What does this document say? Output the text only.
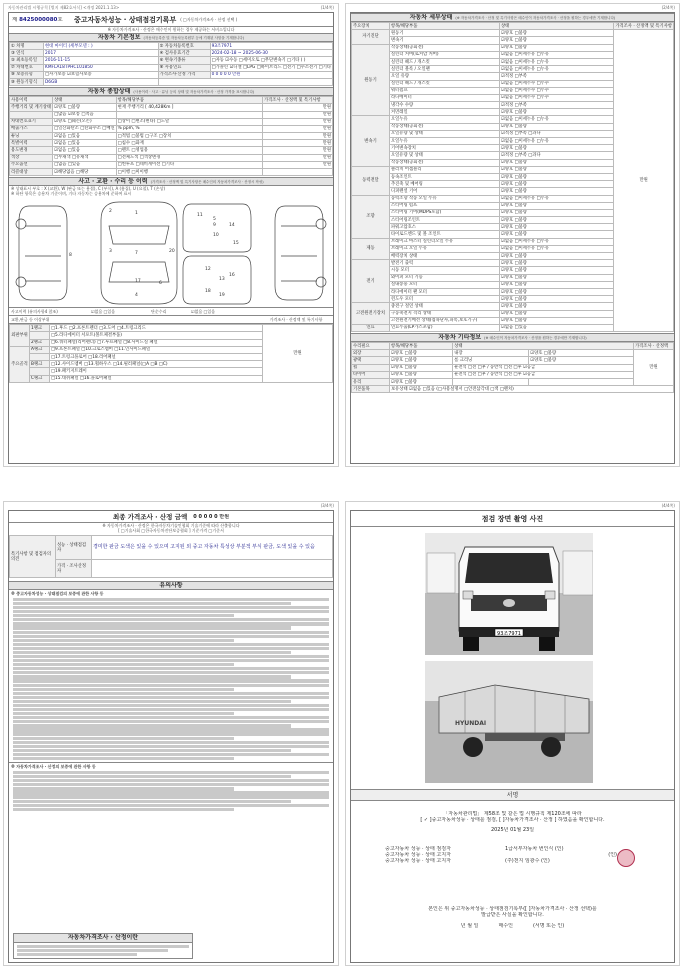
자동차관리법 시행규칙 [별지 제82호서식] <개정 2021.1.13>	(1/4쪽)
제 8425000080호	중고자동차성능 · 상태점검기록부 ( □자동차가격조사 · 산정 선택 )
※ 자동차가격조사 · 산정은 매수인이 원하는 경우 제공하는 서비스입니다
자동차 기본정보 (자동차등록증 및 자동차등록원부 등에 기재된 사항을 기재합니다)
① 차명	현대 마이티 (세부모델 : )	② 자동차등록번호	93조7971
③ 연식	2017	④ 검사유효기간	2024-02-18 ~ 2025-06-30
⑤ 최초등록일	2016-11-15	⑥ 변속기종류	□자동 ☑수동 □세미오토 □무단변속기 □기타 ( )
⑦ 차대번호	KMFLA18TPHC101850	⑧ 사용연료	□가솔린 ☑디젤 □LPG □하이브리드 □전기 □수소전기 □기타
⑨ 보증유형	□자가보증 ☑보험사보증	가격조사·산정 가격	0 0 0 0 0 만원
⑩ 원동기형식	D6GB		
자동차 종합상태 (사용이력 · 사고 · 튜닝 등의 상태 및 자동차가격조사 · 산정 가격을 표시합니다)
사용이력	상태	항목/해당부품	가격조사 · 산정액 및 특기사항
주행거리 및 계기상태	☑양호 □불량	현재 주행거리 [ 40,428Km ]	만원
	□많음 ☑보통 □적음		만원
차대번호표기	☑양호 □훼손(오손)	□상이 □변조(변타) □도말	만원
배출가스	□일산화탄소 □탄화수소 □매연	% ppm, %	만원
튜닝	☑없음 □있음	□적법 □불법 □구조 □장치	만원
특별이력	☑없음 □있음	□침수 □화재	만원
용도변경	☑없음 □있음	□렌트 □영업용	만원
색상	□무채색 □유채색	□전체도색 □색상변경	만원
주요옵션	□없음 □있음	□썬루프 □네비게이션 □기타	만원
리콜대상	☑해당없음 □해당	□이행 □미이행	
사고 · 교환 · 수리 등 이력 (가격조사 · 산정액 및 특기사항은 매수인의 자동차가격조사 · 산정시 작성)
※ 상태표시 부호 : X (교환), W (판금 또는 용접), C (부식), A (흠집), U (요철), T (손상)
※ 하단 항목은 승용차 기준이며, 기타 자동차는 승용차에 준하여 표시
1
2
3
4
5
6
7
8
9
10
11
12
13
14
15
16
17
18
19
20
사고이력 (유의사항4 참조)	☑없음 □있음	단순수리	☑없음 □있음
교환,판금 등 이상부위	가격조사 · 산정액 및 특기사항
외판부위	1랭크	□1.후드 □2.프론트펜더 □3.도어 □4.트렁크리드	만원
		□5.라디에이터 서포트(볼트체결부품)	
	2랭크	□6.쿼터패널(리어펜더) □7.루프패널 □8.사이드실 패널	
주요골격	A랭크	□9.프론트패널 □10.크로스멤버 □11.인사이드패널	
		□17.트렁크플로어 □18.리어패널	
	B랭크	□12.사이드멤버 □13.휠하우스 □14.필러패널(□A □B □C)	
		□19.패키지트레이	
	C랭크	□15.대쉬패널 □16.플로어패널	
(2/4쪽)
자동차 세부상태 (※ 자동차가격조사 · 산정 및 특기사항은 매수인이 자동차가격조사 · 산정을 원하는 경우에만 기재합니다)
주요장치	항목/해당부품	상태	가격조사 · 산정액 및 특기사항
자기진단	원동기	☑양호 □불량	만원
	변속기	☑양호 □불량	
원동기	작동상태(공회전)	☑양호 □불량	
	실린더 커버(로커암 커버)	☑없음 □미세누유 □누유	
	실린더 헤드 / 개스킷	☑없음 □미세누유 □누유	
	실린더 블록 / 오일팬	☑없음 □미세누유 □누유	
	오일 유량	☑적정 □부족	
	실린더 헤드 / 개스킷	☑없음 □미세누수 □누수	
	워터펌프	☑없음 □미세누수 □누수	
	라디에이터	☑없음 □미세누수 □누수	
	냉각수 수량	☑적정 □부족	
	커먼레일	☑양호 □불량	
변속기	오일누유	☑없음 □미세누유 □누유	
	작동상태(공회전)	☑양호 □불량	
	오일유량 및 상태	☑적정 □부족 □과다	
	오일누유	☑없음 □미세누유 □누유	
	기어변속장치	☑양호 □불량	
	오일유량 및 상태	☑적정 □부족 □과다	
	작동상태(공회전)	☑양호 □불량	
동력전달	클러치 어셈블리	☑양호 □불량	
	등속조인트	☑양호 □불량	
	추진축 및 베어링	☑양호 □불량	
	디퍼렌셜 기어	☑양호 □불량	
조향	동력조향 작동 오일 누유	☑없음 □미세누유 □누유	
	스티어링 펌프	☑양호 □불량	
	스티어링 기어(MDPS포함)	☑양호 □불량	
	스티어링조인트	☑양호 □불량	
	파워고압호스	☑양호 □불량	
	타이로드엔드 및 볼 조인트	☑양호 □불량	
제동	브레이크 마스터 실린더오일 누유	☑없음 □미세누유 □누유	
	브레이크 오일 누유	☑없음 □미세누유 □누유	
	배력장치 상태	☑양호 □불량	
전기	발전기 출력	☑양호 □불량	
	시동 모터	☑양호 □불량	
	와이퍼 모터 기능	☑양호 □불량	
	실내송풍 모터	☑양호 □불량	
	라디에이터 팬 모터	☑양호 □불량	
	윈도우 모터	☑양호 □불량	
고전원전기장치	충전구 절연 상태	☑양호 □불량	
	구동축전지 격리 상태	☑양호 □불량	
	고전원전기배선 상태(접속단자,피복,보호기구)	☑양호 □불량	
연료	연료누출(LP가스포함)	☑없음 □있음	
자동차 기타정보 (※ 매수인이 자동차가격조사 · 산정을 원하는 경우에만 기재합니다)
수리필요	항목/해당부품	상태		가격조사 · 산정액
외장	☑양호 □불량	내장	☑양호 □불량	만원
광택	☑양호 □불량	룸 크리닝	☑양호 □불량	
휠	☑양호 □불량	운전석 □전 □후 / 동반석 □전 □후 ☑응급		
타이어	☑양호 □불량	운전석 □전 □후 / 동반석 □전 □후 ☑응급		
유리	☑양호 □불량			
기본품목	보유상태 ☑없음 □있음 (□사용설명서 □안전삼각대 □잭 □렌치)			
(3/4쪽)
최종 가격조사 · 산정 금액 0 0 0 0 0 만원
※ 자동차가격조사 · 산정은 한국자동차기술인협회 기술기준에 따라 산출합니다
[ □기술사회 □한국자동차진단보증협회 ] 기준가격 □기준서
특기사항 및 점검자의 의견	성능 · 상태점검자	경미한 판금 도색은 있을 수 있으며 고지된 외 중고 자동차 특성상 부분적 부식 판금, 도색 있을 수 있음
	가격 · 조사산정자	
유의사항
※ 중고자동차성능 · 상태점검의 보증에 관한 사항 등
※ 자동차가격조사 · 산정의 보증에 관한 사항 등
자동차가격조사 · 산정이란
(4/4쪽)
점검 장면 촬영 사진
93조7971
HYUNDAI
서명
「자동차관리법」 제58조 및 같은 법 시행규칙 제120조에 따라
[ ✓ ]중고자동차성능 · 상태를 점검, [ ]자동차가격조사 · 산정 ] 하였음을 확인합니다.
2025년 01월 23일
중고자동차 성능 · 상태 점검자	1급서부자동차 번인식 (인)
중고자동차 성능 · 상태 고지자	(인)
중고자동차 성능 · 상태 고지자	(주)천지 임광수 (인)
본인은 위 중고자동차성능 · 상태점검기록부([ ]자동차가격조사 · 산정 선택)를
발급받은 사실을 확인합니다.
년 월 일	매수인	(서명 또는 인)
